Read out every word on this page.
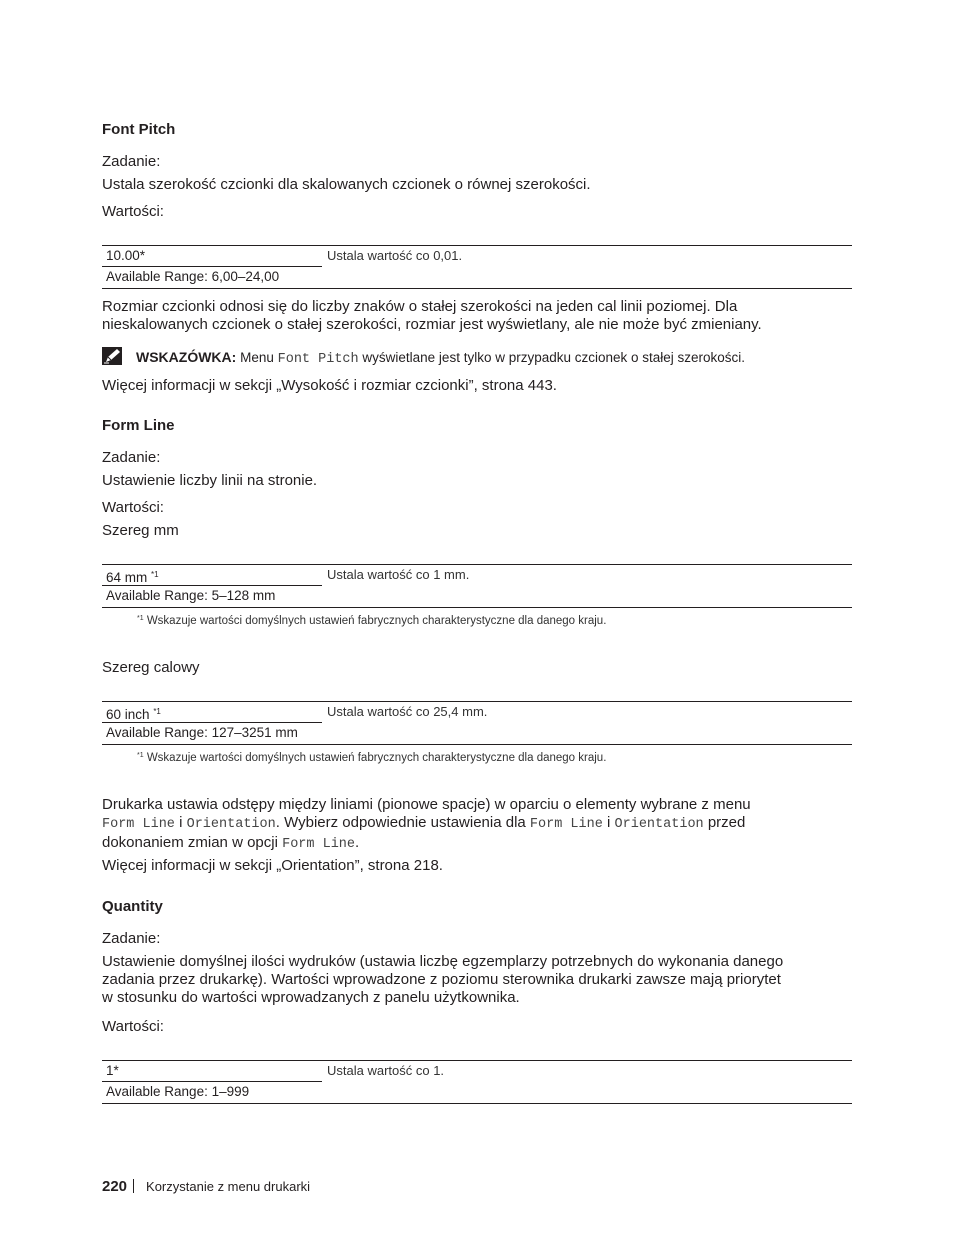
Font Pitch
Zadanie:
Ustala szerokość czcionki dla skalowanych czcionek o równej szerokości.
Wartości:
10.00*	Ustala wartość co 0,01.
Available Range: 6,00–24,00
Rozmiar czcionki odnosi się do liczby znaków o stałej szerokości na jeden cal linii poziomej. Dla
nieskalowanych czcionek o stałej szerokości, rozmiar jest wyświetlany, ale nie może być zmieniany.
WSKAZÓWKA: Menu Font Pitch wyświetlane jest tylko w przypadku czcionek o stałej szerokości.
Więcej informacji w sekcji „Wysokość i rozmiar czcionki”, strona 443.
Form Line
Zadanie:
Ustawienie liczby linii na stronie.
Wartości:
Szereg mm
64 mm $^{*1}$	Ustala wartość co 1 mm.
Available Range: 5–128 mm
$^{*1}$ Wskazuje wartości domyślnych ustawień fabrycznych charakterystyczne dla danego kraju.
Szereg calowy
60 inch $^{*1}$	Ustala wartość co 25,4 mm.
Available Range: 127–3251 mm
$^{*1}$ Wskazuje wartości domyślnych ustawień fabrycznych charakterystyczne dla danego kraju.
Drukarka ustawia odstępy między liniami (pionowe spacje) w oparciu o elementy wybrane z menu
Form Line i Orientation. Wybierz odpowiednie ustawienia dla Form Line i Orientation przed
dokonaniem zmian w opcji Form Line.
Więcej informacji w sekcji „Orientation”, strona 218.
Quantity
Zadanie:
Ustawienie domyślnej ilości wydruków (ustawia liczbę egzemplarzy potrzebnych do wykonania danego
zadania przez drukarkę). Wartości wprowadzone z poziomu sterownika drukarki zawsze mają priorytet
w stosunku do wartości wprowadzanych z panelu użytkownika.
Wartości:
1*	Ustala wartość co 1.
Available Range: 1–999
220 Korzystanie z menu drukarki
